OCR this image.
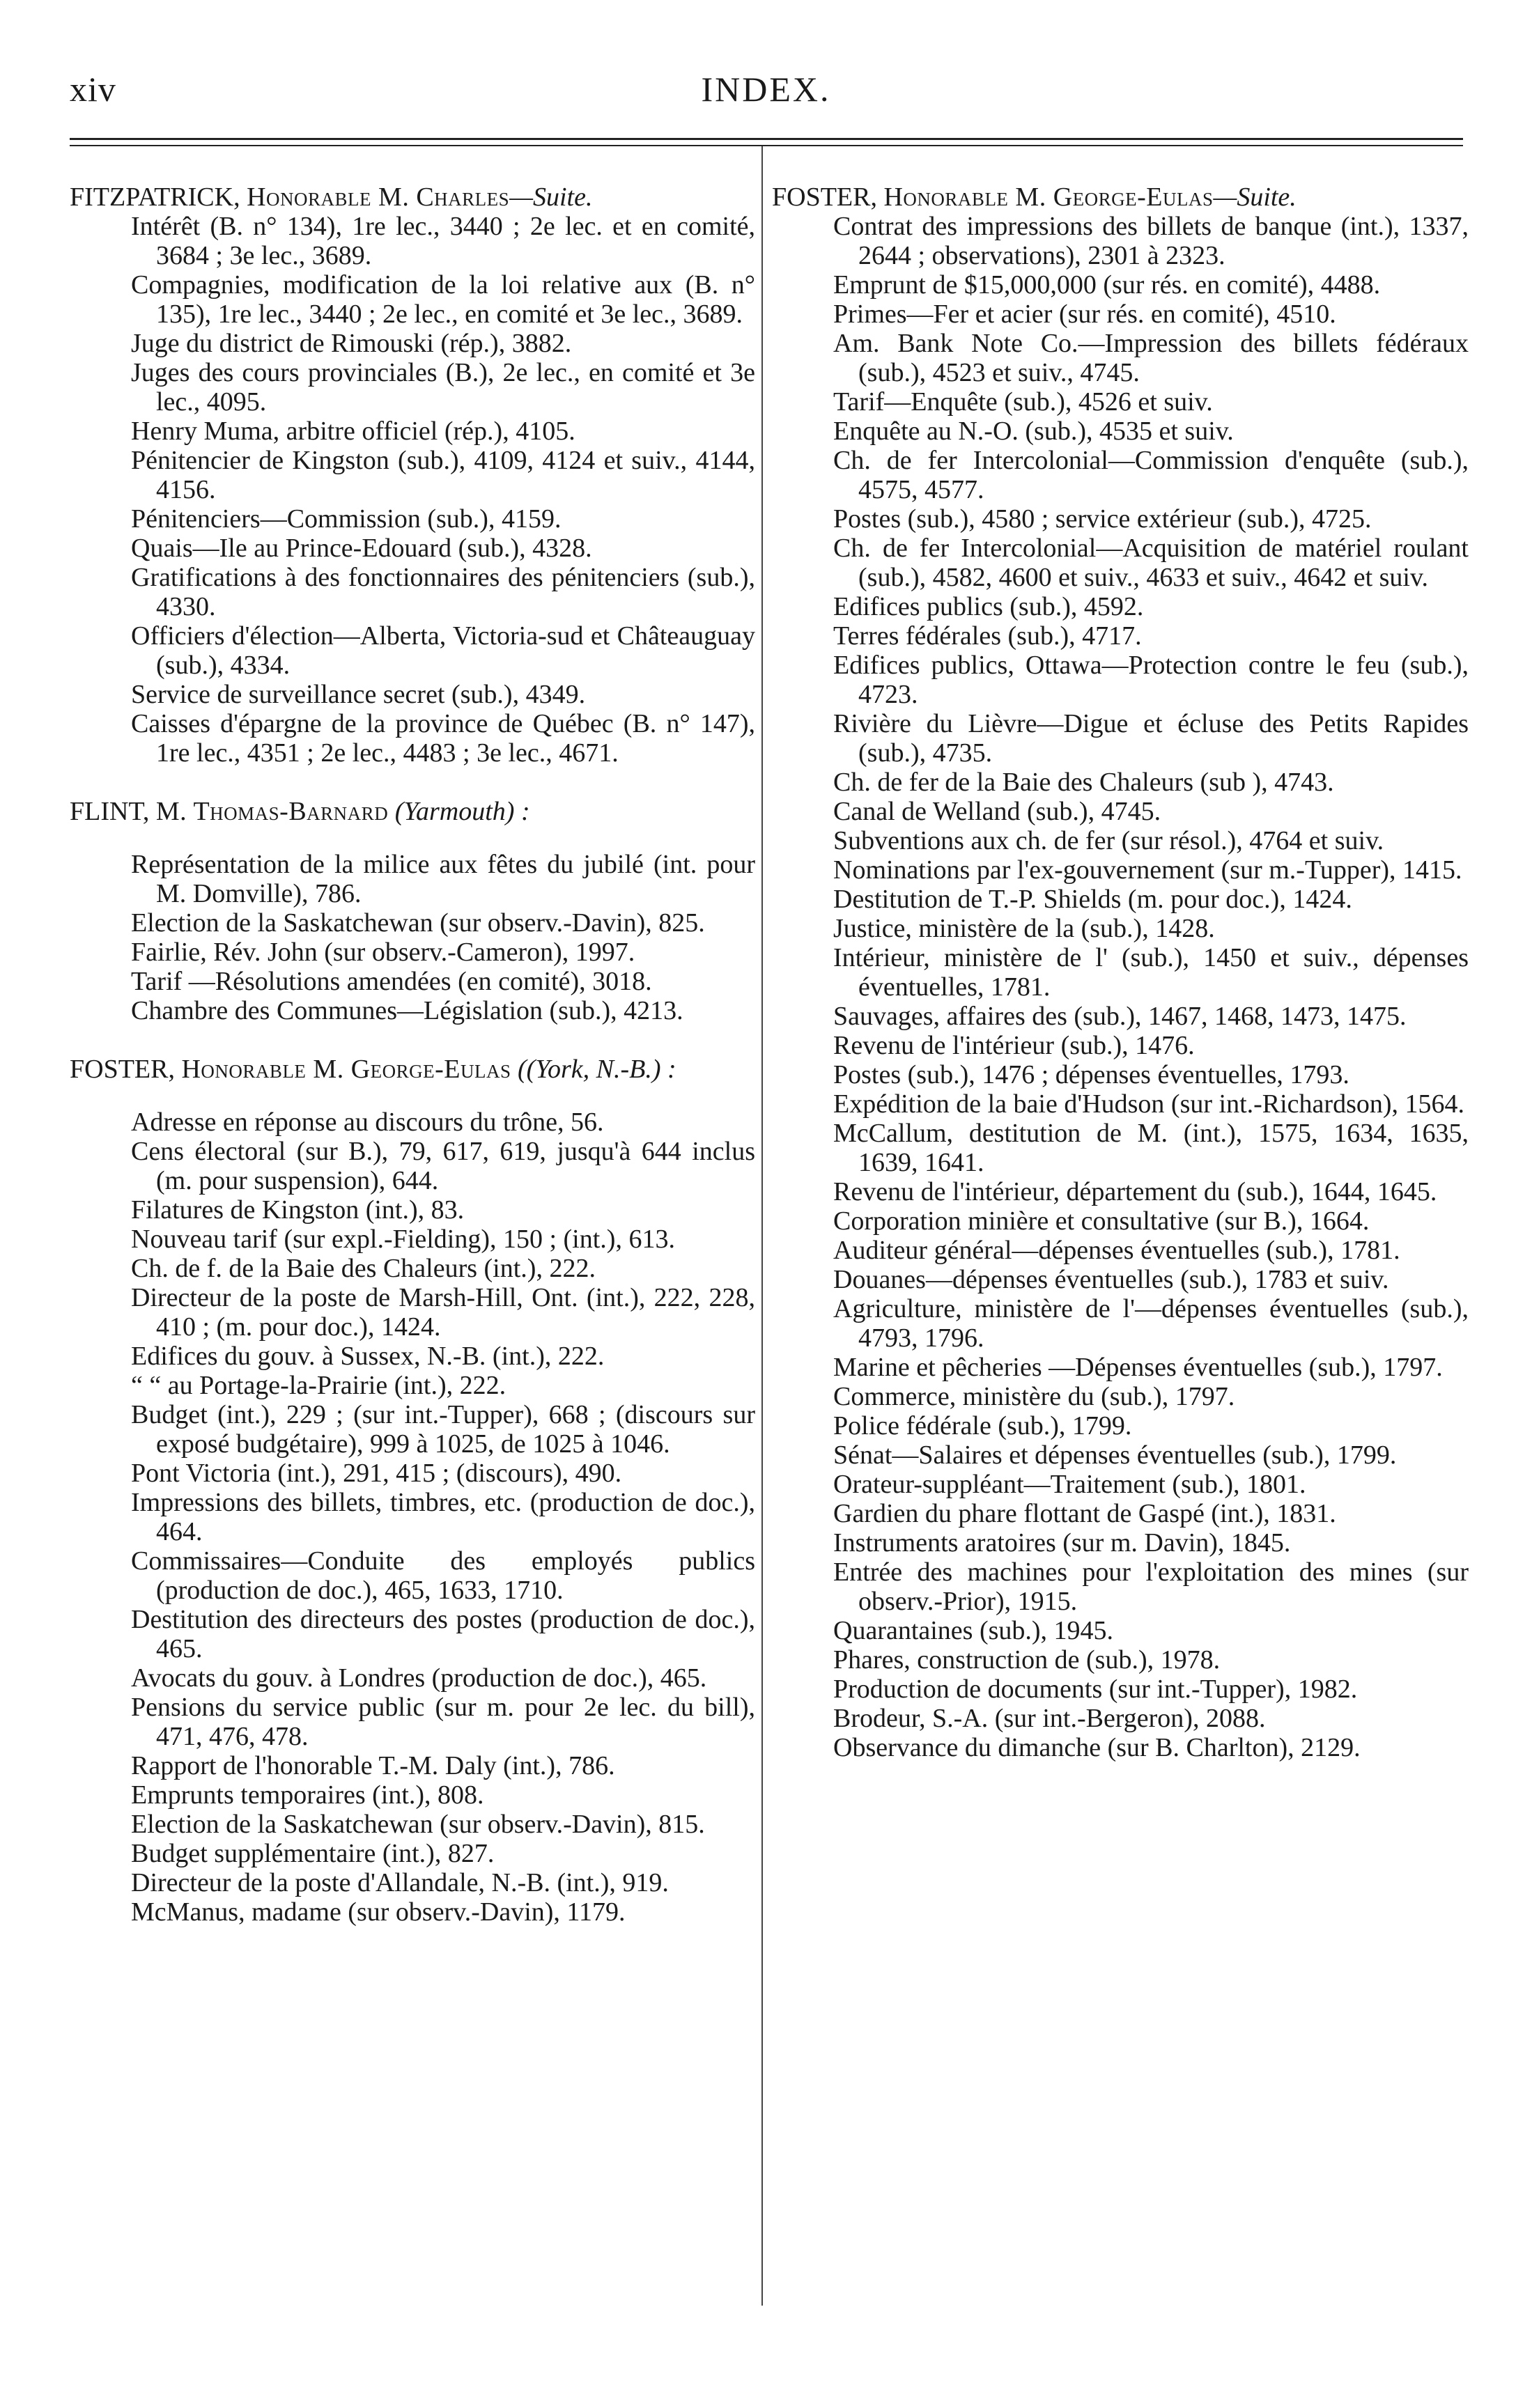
xiv	INDEX.
FITZPATRICK, Honorable M. Charles—Suite.
Intérêt (B. n° 134), 1re lec., 3440 ; 2e lec. et en comité, 3684 ; 3e lec., 3689.
Compagnies, modification de la loi relative aux (B. n° 135), 1re lec., 3440 ; 2e lec., en comité et 3e lec., 3689.
Juge du district de Rimouski (rép.), 3882.
Juges des cours provinciales (B.), 2e lec., en comité et 3e lec., 4095.
Henry Muma, arbitre officiel (rép.), 4105.
Pénitencier de Kingston (sub.), 4109, 4124 et suiv., 4144, 4156.
Pénitenciers—Commission (sub.), 4159.
Quais—Ile au Prince-Edouard (sub.), 4328.
Gratifications à des fonctionnaires des pénitenciers (sub.), 4330.
Officiers d'élection—Alberta, Victoria-sud et Châteauguay (sub.), 4334.
Service de surveillance secret (sub.), 4349.
Caisses d'épargne de la province de Québec (B. n° 147), 1re lec., 4351 ; 2e lec., 4483 ; 3e lec., 4671.
FLINT, M. Thomas-Barnard (Yarmouth) :
Représentation de la milice aux fêtes du jubilé (int. pour M. Domville), 786.
Election de la Saskatchewan (sur observ.-Davin), 825.
Fairlie, Rév. John (sur observ.-Cameron), 1997.
Tarif —Résolutions amendées (en comité), 3018.
Chambre des Communes—Législation (sub.), 4213.
FOSTER, Honorable M. George-Eulas ((York, N.-B.) :
Adresse en réponse au discours du trône, 56.
Cens électoral (sur B.), 79, 617, 619, jusqu'à 644 inclus (m. pour suspension), 644.
Filatures de Kingston (int.), 83.
Nouveau tarif (sur expl.-Fielding), 150 ; (int.), 613.
Ch. de f. de la Baie des Chaleurs (int.), 222.
Directeur de la poste de Marsh-Hill, Ont. (int.), 222, 228, 410 ; (m. pour doc.), 1424.
Edifices du gouv. à Sussex, N.-B. (int.), 222.
“ “ au Portage-la-Prairie (int.), 222.
Budget (int.), 229 ; (sur int.-Tupper), 668 ; (discours sur exposé budgétaire), 999 à 1025, de 1025 à 1046.
Pont Victoria (int.), 291, 415 ; (discours), 490.
Impressions des billets, timbres, etc. (production de doc.), 464.
Commissaires—Conduite des employés publics (production de doc.), 465, 1633, 1710.
Destitution des directeurs des postes (production de doc.), 465.
Avocats du gouv. à Londres (production de doc.), 465.
Pensions du service public (sur m. pour 2e lec. du bill), 471, 476, 478.
Rapport de l'honorable T.-M. Daly (int.), 786.
Emprunts temporaires (int.), 808.
Election de la Saskatchewan (sur observ.-Davin), 815.
Budget supplémentaire (int.), 827.
Directeur de la poste d'Allandale, N.-B. (int.), 919.
McManus, madame (sur observ.-Davin), 1179.
FOSTER, Honorable M. George-Eulas—Suite.
Contrat des impressions des billets de banque (int.), 1337, 2644 ; observations), 2301 à 2323.
Emprunt de $15,000,000 (sur rés. en comité), 4488.
Primes—Fer et acier (sur rés. en comité), 4510.
Am. Bank Note Co.—Impression des billets fédéraux (sub.), 4523 et suiv., 4745.
Tarif—Enquête (sub.), 4526 et suiv.
Enquête au N.-O. (sub.), 4535 et suiv.
Ch. de fer Intercolonial—Commission d'enquête (sub.), 4575, 4577.
Postes (sub.), 4580 ; service extérieur (sub.), 4725.
Ch. de fer Intercolonial—Acquisition de matériel roulant (sub.), 4582, 4600 et suiv., 4633 et suiv., 4642 et suiv.
Edifices publics (sub.), 4592.
Terres fédérales (sub.), 4717.
Edifices publics, Ottawa—Protection contre le feu (sub.), 4723.
Rivière du Lièvre—Digue et écluse des Petits Rapides (sub.), 4735.
Ch. de fer de la Baie des Chaleurs (sub ), 4743.
Canal de Welland (sub.), 4745.
Subventions aux ch. de fer (sur résol.), 4764 et suiv.
Nominations par l'ex-gouvernement (sur m.-Tupper), 1415.
Destitution de T.-P. Shields (m. pour doc.), 1424.
Justice, ministère de la (sub.), 1428.
Intérieur, ministère de l' (sub.), 1450 et suiv., dépenses éventuelles, 1781.
Sauvages, affaires des (sub.), 1467, 1468, 1473, 1475.
Revenu de l'intérieur (sub.), 1476.
Postes (sub.), 1476 ; dépenses éventuelles, 1793.
Expédition de la baie d'Hudson (sur int.-Richardson), 1564.
McCallum, destitution de M. (int.), 1575, 1634, 1635, 1639, 1641.
Revenu de l'intérieur, département du (sub.), 1644, 1645.
Corporation minière et consultative (sur B.), 1664.
Auditeur général—dépenses éventuelles (sub.), 1781.
Douanes—dépenses éventuelles (sub.), 1783 et suiv.
Agriculture, ministère de l'—dépenses éventuelles (sub.), 4793, 1796.
Marine et pêcheries —Dépenses éventuelles (sub.), 1797.
Commerce, ministère du (sub.), 1797.
Police fédérale (sub.), 1799.
Sénat—Salaires et dépenses éventuelles (sub.), 1799.
Orateur-suppléant—Traitement (sub.), 1801.
Gardien du phare flottant de Gaspé (int.), 1831.
Instruments aratoires (sur m. Davin), 1845.
Entrée des machines pour l'exploitation des mines (sur observ.-Prior), 1915.
Quarantaines (sub.), 1945.
Phares, construction de (sub.), 1978.
Production de documents (sur int.-Tupper), 1982.
Brodeur, S.-A. (sur int.-Bergeron), 2088.
Observance du dimanche (sur B. Charlton), 2129.
